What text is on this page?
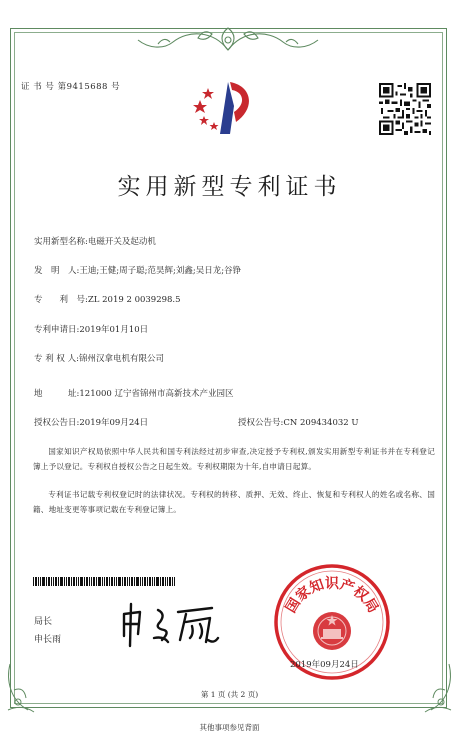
证 书 号 第9415688 号
实用新型专利证书
实用新型名称:电磁开关及起动机
发　明　人:王迪;王健;周子聪;范昊辉;刘鑫;吴日龙;谷铮
专　　利　号:ZL 2019 2 0039298.5
专利申请日:2019年01月10日
专 利 权 人:锦州汉拿电机有限公司
地　　　址:121000 辽宁省锦州市高新技术产业园区
授权公告日:2019年09月24日	授权公告号:CN 209434032 U
国家知识产权局依照中华人民共和国专利法经过初步审查,决定授予专利权,颁发实用新型专利证书并在专利登记簿上予以登记。专利权自授权公告之日起生效。专利权期限为十年,自申请日起算。
专利证书记载专利权登记时的法律状况。专利权的转移、质押、无效、终止、恢复和专利权人的姓名或名称、国籍、地址变更等事项记载在专利登记簿上。
局长
申长雨
国家知识产权局
2019年09月24日
第 1 页 (共 2 页)
其他事项参见背面
